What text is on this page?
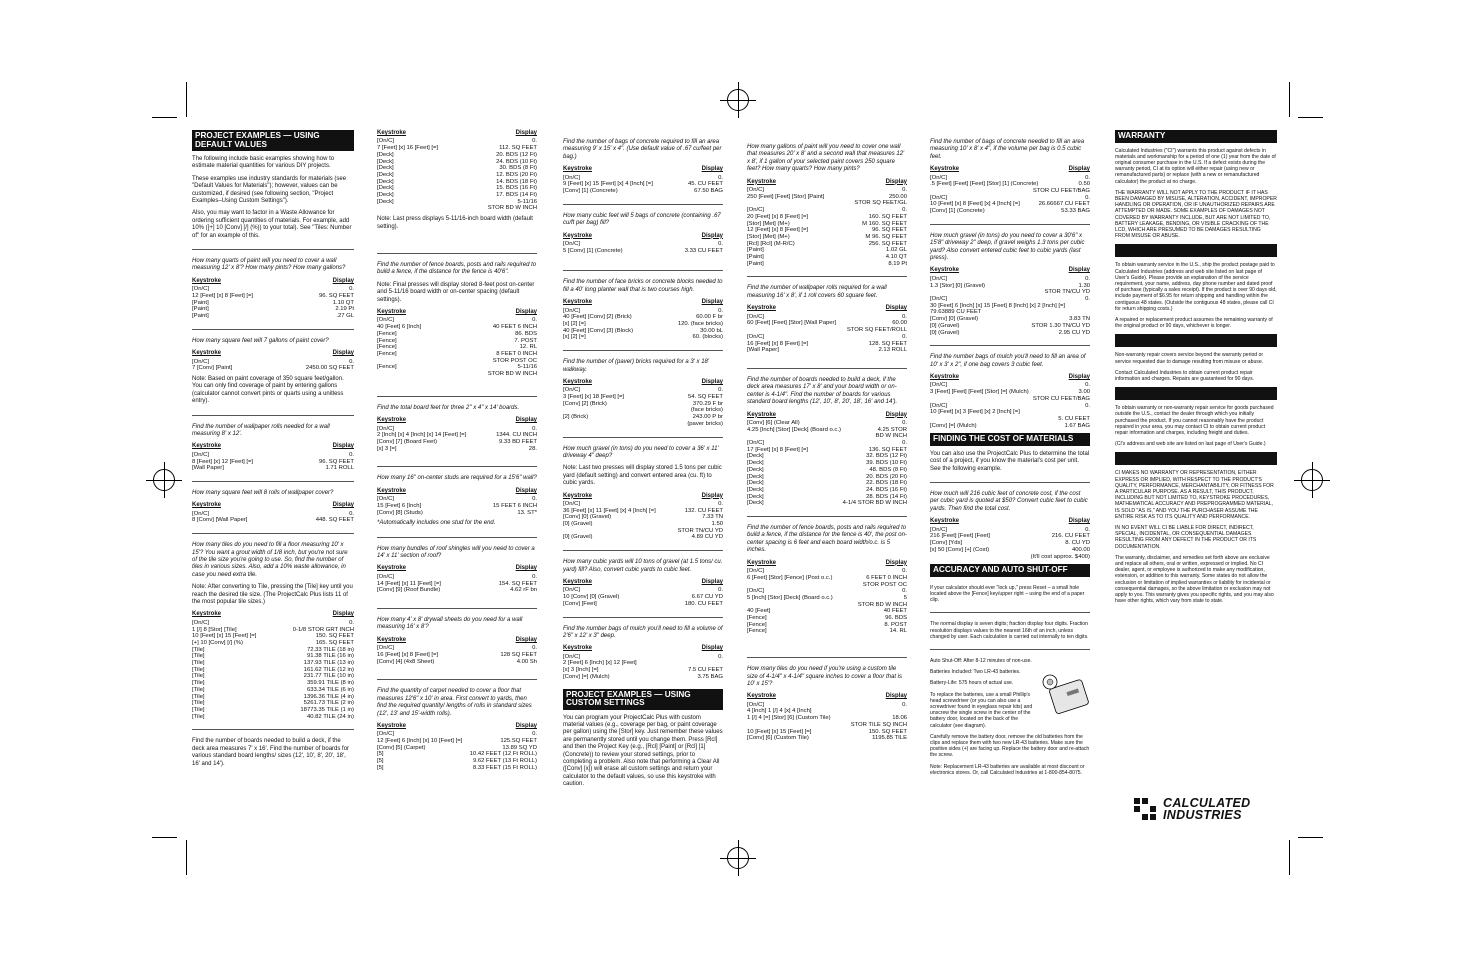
PROJECT EXAMPLES — USING DEFAULT VALUES

The following include basic examples showing how to estimate material quantities for various DIY projects.

These examples use industry standards for materials (see "Default Values for Materials"); however, values can be customized, if desired (see following section, "Project Examples–Using Custom Settings").

Also, you may want to factor in a Waste Allowance for ordering sufficient quantities of materials. For example, add 10% ([+] 10 [Conv] [/] (%)) to your total). See "Tiles: Number of" for an example of this.

How many quarts of paint will you need to cover a wall measuring 12' x 8'? How many pints? How many gallons?

Keystroke	Display
[On/C]	0.
12 [Feet] [x] 8 [Feet] [=]	96. SQ FEET
[Paint]	1.10 QT
[Paint]	2.19 Pt
[Paint]	.27 GL

How many square feet will 7 gallons of paint cover?

Keystroke	Display
[On/C]	0.
7 [Conv] [Paint]	2450.00 SQ FEET

Note: Based on paint coverage of 350 square feet/gallon. You can only find coverage of paint by entering gallons (calculator cannot convert pints or quarts using a unitless entry).

Find the number of wallpaper rolls needed for a wall measuring 8' x 12'.

Keystroke	Display
[On/C]	0.
8 [Feet] [x] 12 [Feet] [=]	96. SQ FEET
[Wall Paper]	1.71 ROLL

How many square feet will 8 rolls of wallpaper cover?

Keystroke	Display
[On/C]	0.
8 [Conv] [Wall Paper]	448. SQ FEET

How many tiles do you need to fill a floor measuring 10' x 15'? You want a grout width of 1/8 inch, but you're not sure of the tile size you're going to use. So, find the number of tiles in various sizes. Also, add a 10% waste allowance, in case you need extra tile.

Note: After converting to Tile, pressing the [Tile] key until you reach the desired tile size. (The ProjectCalc Plus lists 11 of the most popular tile sizes.)

Keystroke	Display
[On/C]	0.
1 [/] 8 [Stor] [Tile]	0-1/8 STOR GRT INCH
10 [Feet] [x] 15 [Feet] [=]	150. SQ FEET
[+] 10 [Conv] [/] (%)	165. SQ FEET
[Tile]	72.33 TILE (18 in)
[Tile]	91.38 TILE (16 in)
[Tile]	137.93 TILE (13 in)
[Tile]	161.62 TILE (12 in)
[Tile]	231.77 TILE (10 in)
[Tile]	359.91 TILE (8 in)
[Tile]	633.34 TILE (6 in)
[Tile]	1396.36 TILE (4 in)
[Tile]	5261.73 TILE (2 in)
[Tile]	18773.35 TILE (1 in)
[Tile]	40.82 TILE (24 in)

Find the number of boards needed to build a deck, if the deck area measures 7' x 16'. Find the number of boards for various standard board lengths/ sizes (12', 10', 8', 20', 18', 16' and 14').

Keystroke	Display
[On/C]	0.
7 [Feet] [x] 16 [Feet] [=]	112. SQ FEET
[Deck]	20. BDS (12 Ft)
[Deck]	24. BDS (10 Ft)
[Deck]	30. BDS (8 Ft)
[Deck]	12. BDS (20 Ft)
[Deck]	14. BDS (18 Ft)
[Deck]	15. BDS (16 Ft)
[Deck]	17. BDS (14 Ft)
[Deck]	5-11/16
STOR BD W INCH

Note: Last press displays 5-11/16-inch board width (default setting).

Find the number of fence boards, posts and rails required to build a fence, if the distance for the fence is 40'6".

Note: Final presses will display stored 8-feet post on-center and 5-11/16 board width or on-center spacing (default settings).

Keystroke	Display
[On/C]	0.
40 [Feet] 6 [Inch]	40 FEET 6 INCH
[Fence]	86. BDS
[Fence]	7. POST
[Fence]	12. RL
[Fence]	8 FEET 0 INCH
STOR POST OC
[Fence]	5-11/16
STOR BD W INCH

Find the total board feet for three 2" x 4" x 14' boards.

Keystroke	Display
[On/C]	0.
2 [Inch] [x] 4 [Inch] [x] 14 [Feet] [=]	1344. CU INCH
[Conv] [7] (Board Feet)	9.33 BD FEET
[x] 3 [=]	28.

How many 16" on-center studs are required for a 15'6" wall?

Keystroke	Display
[On/C]	0.
15 [Feet] 6 [Inch]	15 FEET 6 INCH
[Conv] [8] (Studs)	13. ST*

*Automatically includes one stud for the end.

How many bundles of roof shingles will you need to cover a 14' x 11' section of roof?

Keystroke	Display
[On/C]	0.
14 [Feet] [x] 11 [Feet] [=]	154. SQ FEET
[Conv] [9] (Roof Bundle)	4.62 rF bn

How many 4' x 8' drywall sheets do you need for a wall measuring 16' x 8'?

Keystroke	Display
[On/C]	0.
16 [Feet] [x] 8 [Feet] [=]	128 SQ FEET
[Conv] [4] (4x8 Sheet)	4.00 Sh

Find the quantity of carpet needed to cover a floor that measures 12'6" x 10' in area. First convert to yards, then find the required quantity/ lengths of rolls in standard sizes (12', 13' and 15'-width rolls).

Keystroke	Display
[On/C]	0.
12 [Feet] 6 [Inch] [x] 10 [Feet] [=]	125.SQ FEET
[Conv] [5] (Carpet)	13.89 SQ YD
[5]	10.42 FEET (12 Ft ROLL)
[5]	9.62 FEET (13 Ft ROLL)
[5]	8.33 FEET (15 Ft ROLL)

Find the number of bags of concrete required to fill an area measuring 9' x 15' x 4". (Use default value of .67 cu/feet per bag.)

Keystroke	Display
[On/C]	0.
9 [Feet] [x] 15 [Feet] [x] 4 [Inch] [=]	45. CU FEET
[Conv] [1] (Concrete)	67.50 BAG

How many cubic feet will 5 bags of concrete (containing .67 cu/ft per bag) fill?

Keystroke	Display
[On/C]	0.
5 [Conv] [1] (Concrete)	3.33 CU FEET

Find the number of face bricks or concrete blocks needed to fill a 40' long planter wall that is two courses high.

Keystroke	Display
[On/C]	0.
40 [Feet] [Conv] [2] (Brick)	60.00 F br
[x] [2] [=]	120. (face bricks)
40 [Feet] [Conv] [3] (Block)	30.00 bL
[x] [2] [=]	60. (blocks)

Find the number of (paver) bricks required for a 3' x 18' walkway.

Keystroke	Display
[On/C]	0.
3 [Feet] [x] 18 [Feet] [=]	54. SQ FEET
[Conv] [2] (Brick)	370.29 F br
(face bricks)
[2] (Brick)	243.00 P br
(paver bricks)

How much gravel (in tons) do you need to cover a 36' x 11' driveway 4" deep?

Note: Last two presses will display stored 1.5 tons per cubic yard (default setting) and convert entered area (cu. ft) to cubic yards.

Keystroke	Display
[On/C]	0.
36 [Feet] [x] 11 [Feet] [x] 4 [Inch] [=]	132. CU FEET
[Conv] [0] (Gravel)	7.33 TN
[0] (Gravel)	1.50
STOR TN/CU YD
[0] (Gravel)	4.89 CU YD

How many cubic yards will 10 tons of gravel (at 1.5 tons/ cu. yard) fill? Also, convert cubic yards to cubic feet.

Keystroke	Display
[On/C]	0.
10 [Conv] [0] (Gravel)	6.67 CU YD
[Conv] [Feet]	180. CU FEET

Find the number bags of mulch you'll need to fill a volume of 2'6" x 12' x 3" deep.

Keystroke	Display
[On/C]	0.
2 [Feet] 6 [Inch] [x] 12 [Feet]
[x] 3 [Inch] [=]	7.5 CU FEET
[Conv] [=] (Mulch)	3.75 BAG
PROJECT EXAMPLES — USING CUSTOM SETTINGS

You can program your ProjectCalc Plus with custom material values (e.g., coverage per bag, or paint coverage per gallon) using the [Stor] key. Just remember these values are permanently stored until you change them. Press [Rcl] and then the Project Key (e.g., [Rcl] [Paint] or [Rcl] [1] (Concrete)) to review your stored settings, prior to completing a problem. Also note that performing a Clear All ([Conv] [x]) will erase all custom settings and return your calculator to the default values, so use this keystroke with caution.

How many gallons of paint will you need to cover one wall that measures 20' x 8' and a second wall that measures 12' x 8', if 1 gallon of your selected paint covers 250 square feet? How many quarts? How many pints?

Keystroke	Display
[On/C]	0.
250 [Feet] [Feet] [Stor] [Paint]	250.00
STOR SQ FEET/GL
[On/C]	0.
20 [Feet] [x] 8 [Feet] [=]	160. SQ FEET
[Stor] [Met] (M+)	M 160. SQ FEET
12 [Feet] [x] 8 [Feet] [=]	96. SQ FEET
[Stor] [Met] (M+)	M 96. SQ FEET
[Rcl] [Rcl] (M-R/C)	256. SQ FEET
[Paint]	1.02 GL
[Paint]	4.10 QT
[Paint]	8.19 Pt

Find the number of wallpaper rolls required for a wall measuring 16' x 8', if 1 roll covers 60 square feet.

Keystroke	Display
[On/C]	0.
60 [Feet] [Feet] [Stor] [Wall Paper]	60.00
STOR SQ FEET/ROLL
[On/C]	0.
16 [Feet] [x] 8 [Feet] [=]	128. SQ FEET
[Wall Paper]	2.13 ROLL

Find the number of boards needed to build a deck, if the deck area measures 17' x 8' and your board width or on-center is 4-1/4". Find the number of boards for various standard board lengths (12', 10', 8', 20', 18', 16' and 14').

Keystroke	Display
[Conv] [6] (Clear All)	0.
4.25 [Inch] [Stor] [Deck] (Board o.c.)	4.25 STOR
BD W INCH
[On/C]	0.
17 [Feet] [x] 8 [Feet] [=]	136. SQ FEET
[Deck]	32. BDS (12 Ft)
[Deck]	39. BDS (10 Ft)
[Deck]	48. BDS (8 Ft)
[Deck]	20. BDS (20 Ft)
[Deck]	22. BDS (18 Ft)
[Deck]	24. BDS (16 Ft)
[Deck]	28. BDS (14 Ft)
[Deck]	4-1/4 STOR BD W INCH

Find the number of fence boards, posts and rails required to build a fence, if the distance for the fence is 40', the post on-center spacing is 6 feet and each board width/o.c. is 5 inches.

Keystroke	Display
[On/C]	0.
6 [Feet] [Stor] [Fence] (Post o.c.)	6 FEET 0 INCH
STOR POST OC
[On/C]	0.
5 [Inch] [Stor] [Deck] (Board o.c.)	5
STOR BD W INCH
40 [Feet]	40 FEET
[Fence]	96. BDS
[Fence]	8. POST
[Fence]	14. RL

How many tiles do you need if you're using a custom tile size of 4-1/4" x 4-1/4" square inches to cover a floor that is 10' x 15'?

Keystroke	Display
[On/C]	0.
4 [Inch] 1 [/] 4 [x] 4 [Inch]
1 [/] 4 [=] [Stor] [6] (Custom Tile)	18.06
STOR TILE SQ INCH
10 [Feet] [x] 15 [Feet] [=]	150. SQ FEET
[Conv] [6] (Custom Tile)	1195.85 TILE

Find the number of bags of concrete needed to fill an area measuring 10' x 8' x 4", if the volume per bag is 0.5 cubic feet.

Keystroke	Display
[On/C]	0.
.5 [Feet] [Feet] [Feet] [Stor] [1] (Concrete)	0.50
STOR CU FEET/BAG
[On/C]	0.
10 [Feet] [x] 8 [Feet] [x] 4 [Inch] [=]	26.66667 CU FEET
[Conv] [1] (Concrete)	53.33 BAG

How much gravel (in tons) do you need to cover a 30'6" x 15'8" driveway 2" deep, if gravel weighs 1.3 tons per cubic yard? Also convert entered cubic feet to cubic yards (last press).

Keystroke	Display
[On/C]	0.
1.3 [Stor] [0] (Gravel)	1.30
STOR TN/CU YD
[On/C]	0.
30 [Feet] 6 [Inch] [x] 15 [Feet] 8 [Inch] [x] 2 [Inch] [=]
79.63889 CU FEET
[Conv] [0] (Gravel)	3.83 TN
[0] (Gravel)	STOR 1.30 TN/CU YD
[0] (Gravel)	2.95 CU YD

Find the number bags of mulch you'll need to fill an area of 10' x 3' x 2", if one bag covers 3 cubic feet.

Keystroke	Display
[On/C]	0.
3 [Feet] [Feet] [Feet] [Stor] [=] (Mulch)	3.00
STOR CU FEET/BAG
[On/C]	0.
10 [Feet] [x] 3 [Feet] [x] 2 [Inch] [=]
5. CU FEET
[Conv] [=] (Mulch)	1.67 BAG
FINDING THE COST OF MATERIALS

You can also use the ProjectCalc Plus to determine the total cost of a project, if you know the material's cost per unit. See the following example.

How much will 216 cubic feet of concrete cost, if the cost per cubic yard is quoted at $50? Convert cubic feet to cubic yards. Then find the total cost.

Keystroke	Display
[On/C]	0.
216 [Feet] [Feet] [Feet]	216. CU FEET
[Conv] [Yds]	8. CU YD
[x] 50 [Conv] [+] (Cost)	400.00
(It'll cost approx. $400)
ACCURACY AND AUTO SHUT-OFF

If your calculator should ever "lock up," press Reset – a small hole located above the [Fence] key/upper right – using the end of a paper clip.

The normal display is seven digits; fraction display four digits. Fraction resolution displays values to the nearest 16th of an inch, unless changed by user. Each calculation is carried out internally to ten digits.

Auto Shut-Off: After 8-12 minutes of non-use.

Batteries Included: Two LR-43 batteries.

Battery-Life: 575 hours of actual use.

To replace the batteries, use a small Phillip's head screwdriver (or you can also use a screwdriver found in eyeglass repair kits) and unscrew the single screw in the center of the battery door, located on the back of the calculator (see diagram).

Carefully remove the battery door, remove the old batteries from the clips and replace them with two new LR-43 batteries. Make sure the positive sides (+) are facing up. Replace the battery door and re-attach the screw.

Note: Replacement LR-43 batteries are available at most discount or electronics stores. Or, call Calculated Industries at 1-800-854-8075.

WARRANTY

Calculated Industries ("CI") warrants this product against defects in materials and workmanship for a period of one (1) year from the date of original consumer purchase in the U.S. If a defect exists during the warranty period, CI at its option will either repair (using new or remanufactured parts) or replace (with a new or remanufactured calculator) the product at no charge.

THE WARRANTY WILL NOT APPLY TO THE PRODUCT IF IT HAS BEEN DAMAGED BY MISUSE, ALTERATION, ACCIDENT, IMPROPER HANDLING OR OPERATION, OR IF UNAUTHORIZED REPAIRS ARE ATTEMPTED OR MADE. SOME EXAMPLES OF DAMAGES NOT COVERED BY WARRANTY INCLUDE, BUT ARE NOT LIMITED TO, BATTERY LEAKAGE, BENDING, OR VISIBLE CRACKING OF THE LCD, WHICH ARE PRESUMED TO BE DAMAGES RESULTING FROM MISUSE OR ABUSE.

To obtain warranty service in the U.S., ship the product postage paid to Calculated Industries (address and web site listed on last page of User's Guide). Please provide an explanation of the service requirement, your name, address, day phone number and dated proof of purchase (typically a sales receipt). If the product is over 90 days old, include payment of $6.95 for return shipping and handling within the contiguous 48 states. (Outside the contiguous 48 states, please call CI for return shipping costs.)

A repaired or replacement product assumes the remaining warranty of the original product or 90 days, whichever is longer.

Non-warranty repair covers service beyond the warranty period or service requested due to damage resulting from misuse or abuse.

Contact Calculated Industries to obtain current product repair information and charges. Repairs are guaranteed for 90 days.

To obtain warranty or non-warranty repair service for goods purchased outside the U.S., contact the dealer through which you initially purchased the product. If you cannot reasonably have the product repaired in your area, you may contact CI to obtain current product repair information and charges, including freight and duties.

(CI's address and web site are listed on last page of User's Guide.)

CI MAKES NO WARRANTY OR REPRESENTATION, EITHER EXPRESS OR IMPLIED, WITH RESPECT TO THE PRODUCT'S QUALITY, PERFORMANCE, MERCHANTABILITY, OR FITNESS FOR A PARTICULAR PURPOSE. AS A RESULT, THIS PRODUCT, INCLUDING BUT NOT LIMITED TO, KEYSTROKE PROCEDURES, MATHEMATICAL ACCURACY AND PREPROGRAMMED MATERIAL, IS SOLD "AS IS," AND YOU THE PURCHASER ASSUME THE ENTIRE RISK AS TO ITS QUALITY AND PERFORMANCE.

IN NO EVENT WILL CI BE LIABLE FOR DIRECT, INDIRECT, SPECIAL, INCIDENTAL, OR CONSEQUENTIAL DAMAGES RESULTING FROM ANY DEFECT IN THE PRODUCT OR ITS DOCUMENTATION.

The warranty, disclaimer, and remedies set forth above are exclusive and replace all others, oral or written, expressed or implied. No CI dealer, agent, or employee is authorized to make any modification, extension, or addition to this warranty. Some states do not allow the exclusion or limitation of implied warranties or liability for incidental or consequential damages, so the above limitation or exclusion may not apply to you. This warranty gives you specific rights, and you may also have other rights, which vary from state to state.

CALCULATED INDUSTRIES
